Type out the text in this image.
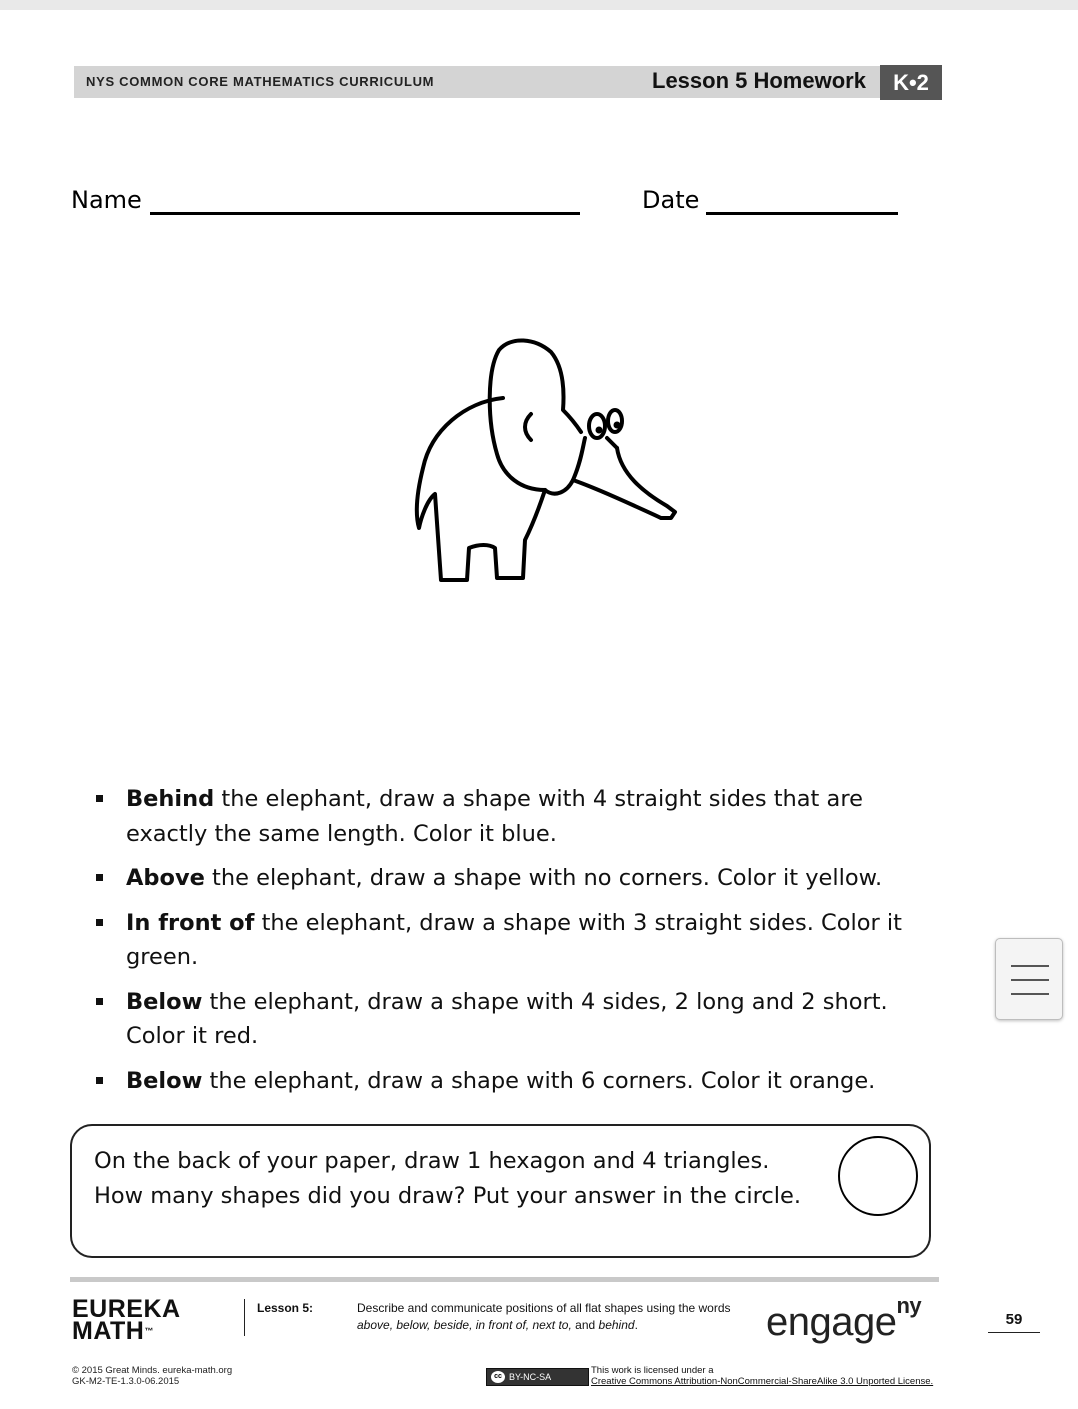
NYS COMMON CORE MATHEMATICS CURRICULUM	Lesson 5 Homework	K•2
Name	Date
Behind the elephant, draw a shape with 4 straight sides that are exactly the same length. Color it blue.
Above the elephant, draw a shape with no corners. Color it yellow.
In front of the elephant, draw a shape with 3 straight sides. Color it green.
Below the elephant, draw a shape with 4 sides, 2 long and 2 short. Color it red.
Below the elephant, draw a shape with 6 corners. Color it orange.
On the back of your paper, draw 1 hexagon and 4 triangles.
How many shapes did you draw? Put your answer in the circle.
EUREKA
MATH™
Lesson 5:	Describe and communicate positions of all flat shapes using the words
above, below, beside, in front of, next to, and behind.	engage$^{ny}$
59
© 2015 Great Minds. eureka-math.org
GK-M2-TE-1.3.0-06.2015	cc BY-NC-SA
This work is licensed under a
Creative Commons Attribution-NonCommercial-ShareAlike 3.0 Unported License.
